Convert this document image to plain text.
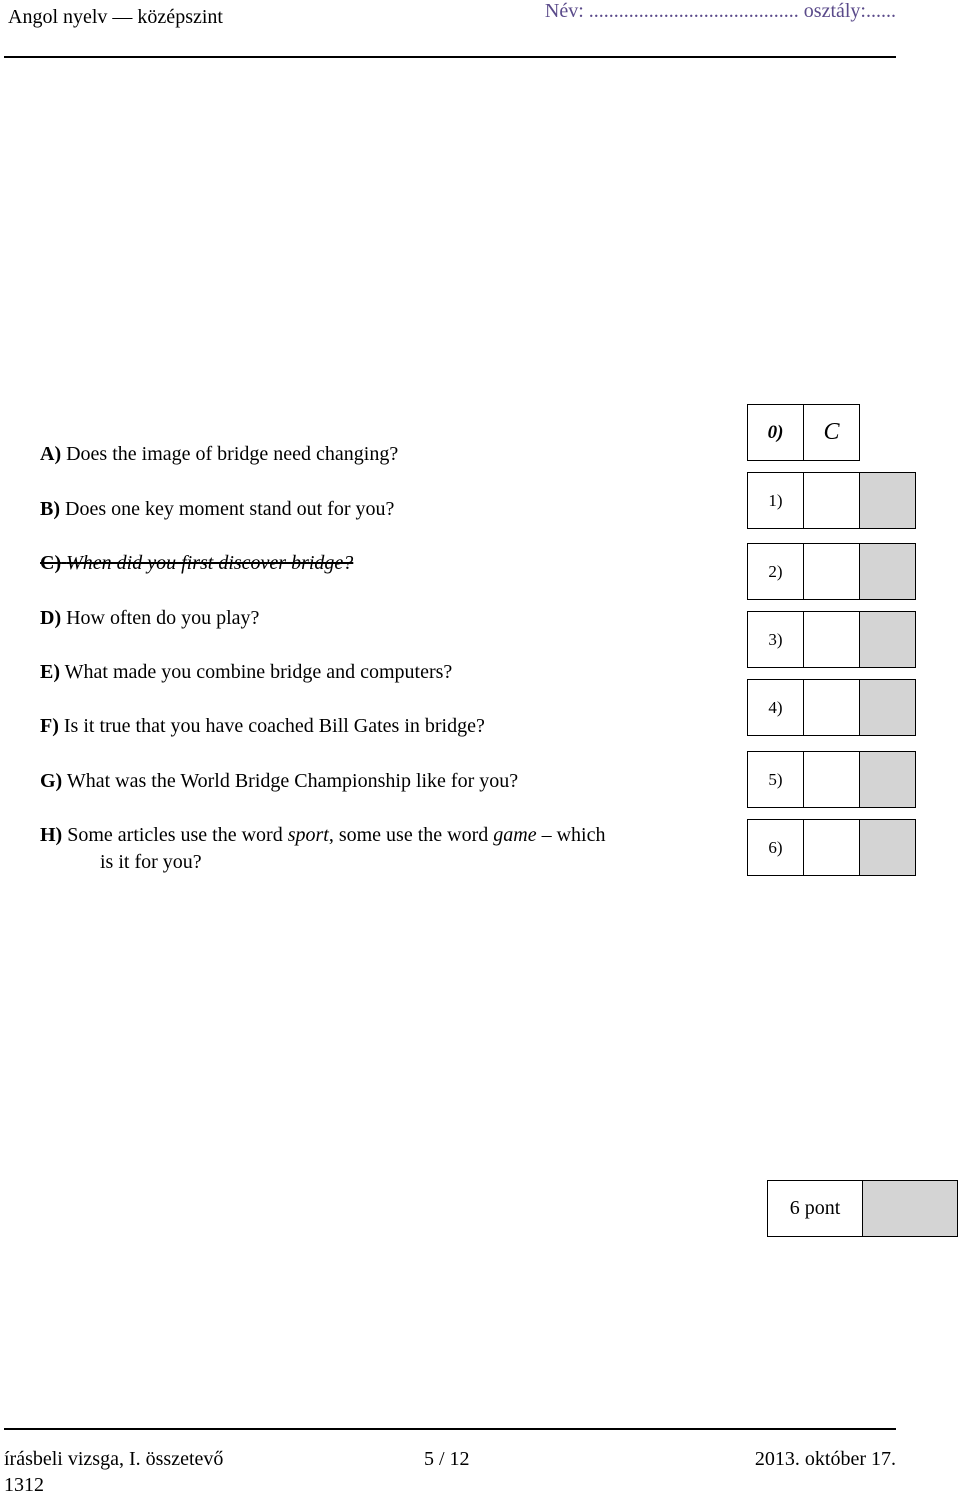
Angol nyelv — középszint	Név: .......................................... osztály:......
A) Does the image of bridge need changing?
B) Does one key moment stand out for you?
C) When did you first discover bridge?
D) How often do you play?
E) What made you combine bridge and computers?
F) Is it true that you have coached Bill Gates in bridge?
G) What was the World Bridge Championship like for you?
H) Some articles use the word sport, some use the word game – which
is it for you?
0)	C
1)
2)
3)
4)
5)
6)
6 pont
írásbeli vizsga, I. összetevő
1312
5 / 12	2013. október 17.
